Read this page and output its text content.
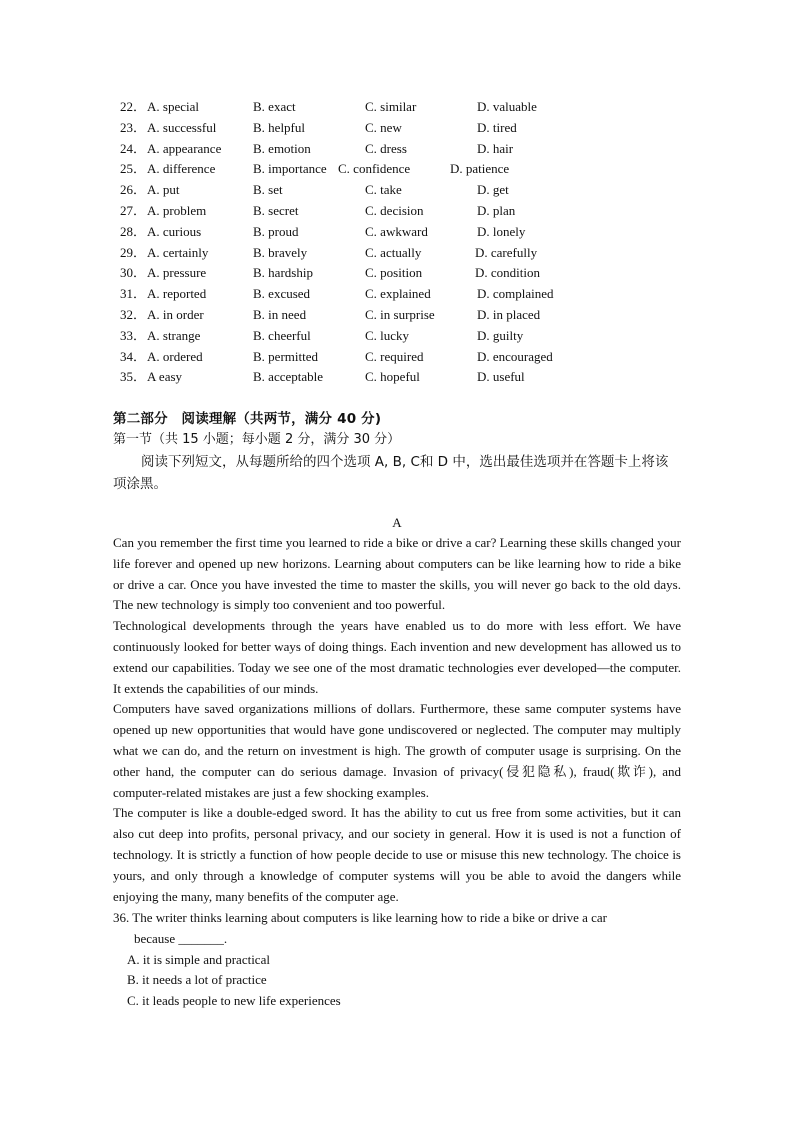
22． A. special	B. exact	C. similar	D. valuable
23． A. successful	B. helpful	C. new	D. tired
24． A. appearance B. emotion	C. dress	D. hair
25． A. difference	B. importance C. confidence	D. patience
26． A. put	B. set	C. take	D. get
27． A. problem	B. secret	C. decision	D. plan
28． A. curious	B. proud	C. awkward	D. lonely
29． A. certainly	B. bravely	C. actually	D. carefully
30． A. pressure	B. hardship	C. position	D. condition
31． A. reported	B. excused	C. explained	D. complained
32． A. in order	B. in need	C. in surprise	D. in placed
33． A. strange	B. cheerful	C. lucky	D. guilty
34． A. ordered	B. permitted	C. required	D. encouraged
35． A easy	B. acceptable	C. hopeful	D. useful
第二部分　阅读理解（共两节，满分 40 分)
第一节（共 15 小题；每小题 2 分，满分 30 分）
阅读下列短文，从每题所给的四个选项 A, B, C和 D 中，选出最佳选项并在答题卡上将该项涂黑。
A

Can you remember the first time you learned to ride a bike or drive a car? Learning these skills changed your life forever and opened up new horizons. Learning about computers can be like learning how to ride a bike or drive a car. Once you have invested the time to master the skills, you will never go back to the old days. The new technology is simply too convenient and too powerful.

Technological developments through the years have enabled us to do more with less effort. We have continuously looked for better ways of doing things. Each invention and new development has allowed us to extend our capabilities. Today we see one of the most dramatic technologies ever developed—the computer. It extends the capabilities of our minds.

Computers have saved organizations millions of dollars. Furthermore, these same computer systems have opened up new opportunities that would have gone undiscovered or neglected. The computer may multiply what we can do, and the return on investment is high. The growth of computer usage is surprising. On the other hand, the computer can do serious damage. Invasion of privacy(侵犯隐私), fraud(欺诈), and computer-related mistakes are just a few shocking examples.

The computer is like a double-edged sword. It has the ability to cut us free from some activities, but it can also cut deep into profits, personal privacy, and our society in general. How it is used is not a function of technology. It is strictly a function of how people decide to use or misuse this new technology. The choice is yours, and only through a knowledge of computer systems will you be able to avoid the dangers while enjoying the many, many benefits of the computer age.

36. The writer thinks learning about computers is like learning how to ride a bike or drive a car

because _______.

A. it is simple and practical

B. it needs a lot of practice

C. it leads people to new life experiences
